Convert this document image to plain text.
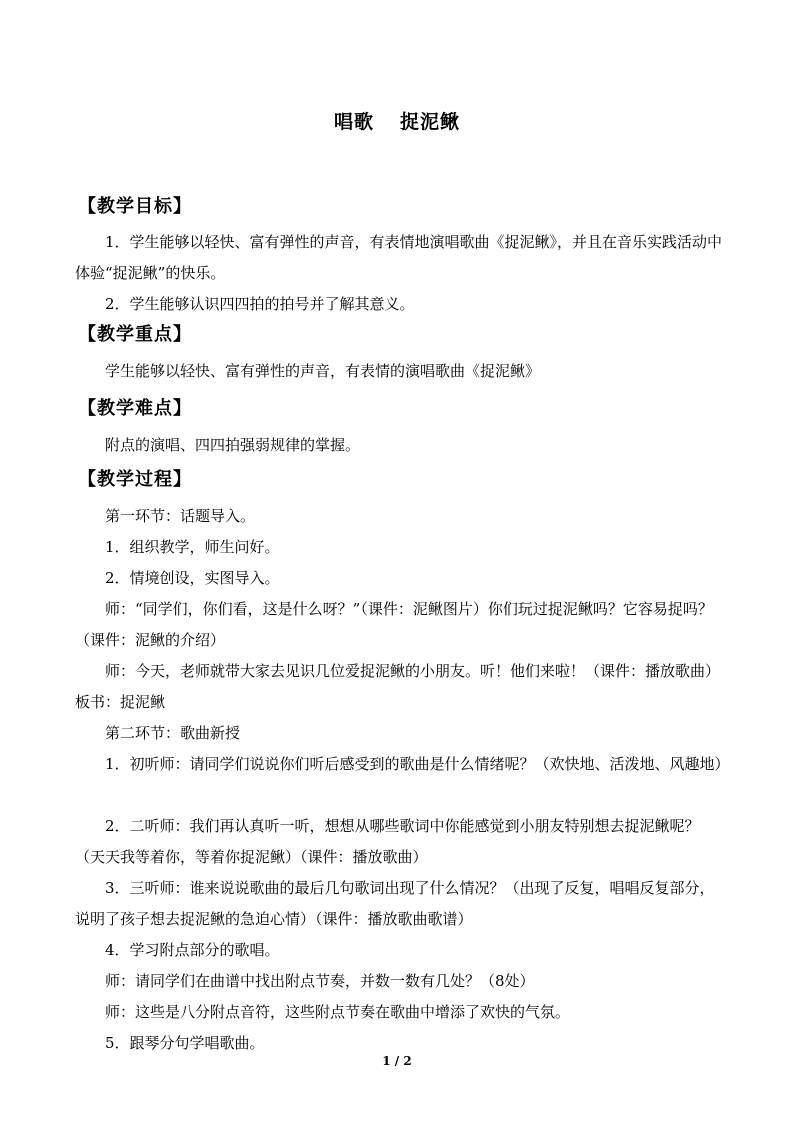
唱歌 捉泥鳅
【教学目标】
1．学生能够以轻快、富有弹性的声音，有表情地演唱歌曲《捉泥鳅》，并且在音乐实践活动中体验“捉泥鳅”的快乐。
2．学生能够认识四四拍的拍号并了解其意义。
【教学重点】
学生能够以轻快、富有弹性的声音，有表情的演唱歌曲《捉泥鳅》
【教学难点】
附点的演唱、四四拍强弱规律的掌握。
【教学过程】
第一环节：话题导入。
1．组织教学，师生问好。
2．情境创设，实图导入。
师：“同学们，你们看，这是什么呀？”（课件：泥鳅图片）你们玩过捉泥鳅吗？它容易捉吗？（课件：泥鳅的介绍）
师：今天，老师就带大家去见识几位爱捉泥鳅的小朋友。听！他们来啦！（课件：播放歌曲）板书：捉泥鳅
第二环节：歌曲新授
1．初听师：请同学们说说你们听后感受到的歌曲是什么情绪呢？（欢快地、活泼地、风趣地）
2．二听师：我们再认真听一听，想想从哪些歌词中你能感觉到小朋友特别想去捉泥鳅呢？（天天我等着你，等着你捉泥鳅）（课件：播放歌曲）
3．三听师：谁来说说歌曲的最后几句歌词出现了什么情况？（出现了反复，唱唱反复部分，说明了孩子想去捉泥鳅的急迫心情）（课件：播放歌曲歌谱）
4．学习附点部分的歌唱。
师：请同学们在曲谱中找出附点节奏，并数一数有几处？（8处）
师：这些是八分附点音符，这些附点节奏在歌曲中增添了欢快的气氛。
5．跟琴分句学唱歌曲。
1 / 2
